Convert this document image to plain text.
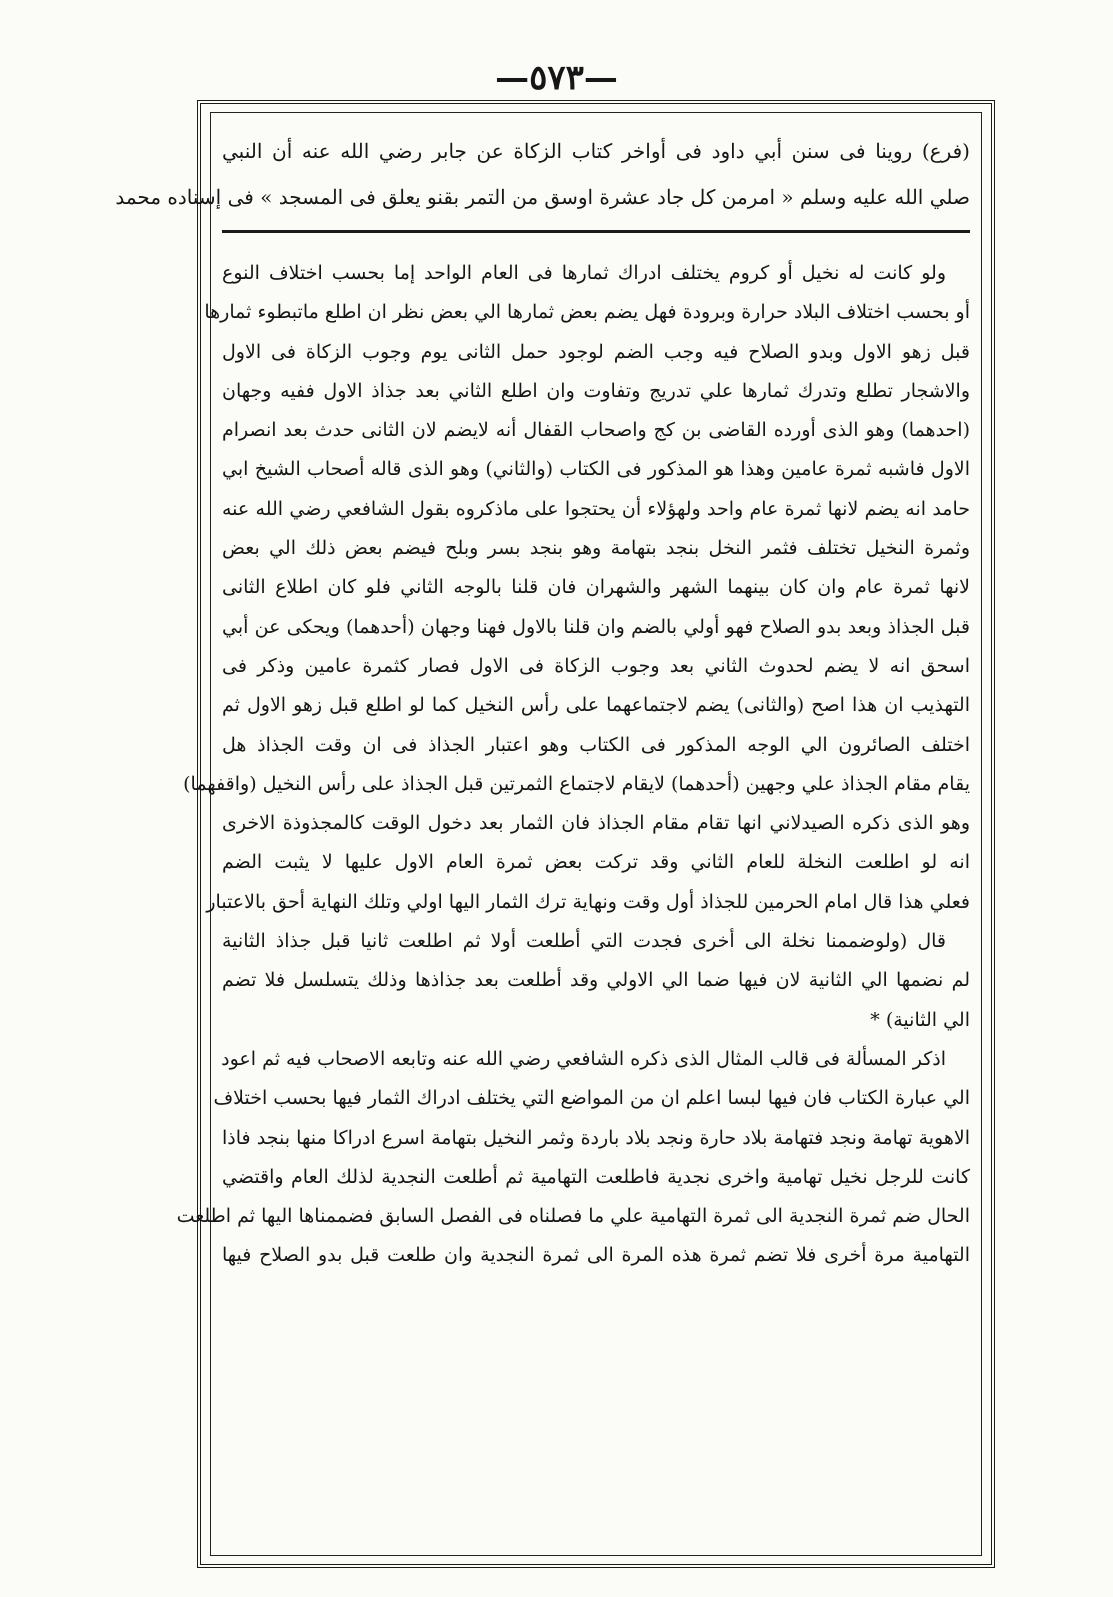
—٥٧٣—
(فرع) روينا فى سنن أبي داود فى أواخر كتاب الزكاة عن جابر رضي الله عنه أن النبي
صلي الله عليه وسلم « امرمن كل جاد عشرة اوسق من التمر بقنو يعلق فى المسجد » فى إسناده محمد
ولو كانت له نخيل أو كروم يختلف ادراك ثمارها فى العام الواحد إما بحسب اختلاف النوع
أو بحسب اختلاف البلاد حرارة وبرودة فهل يضم بعض ثمارها الي بعض نظر ان اطلع ماتبطوء ثمارها
قبل زهو الاول وبدو الصلاح فيه وجب الضم لوجود حمل الثانى يوم وجوب الزكاة فى الاول
والاشجار تطلع وتدرك ثمارها علي تدريج وتفاوت وان اطلع الثاني بعد جذاذ الاول ففيه وجهان
(احدهما) وهو الذى أورده القاضى بن كج واصحاب القفال أنه لايضم لان الثانى حدث بعد انصرام
الاول فاشبه ثمرة عامين وهذا هو المذكور فى الكتاب (والثاني) وهو الذى قاله أصحاب الشيخ ابي
حامد انه يضم لانها ثمرة عام واحد ولهؤلاء أن يحتجوا على ماذكروه بقول الشافعي رضي الله عنه
وثمرة النخيل تختلف فثمر النخل بنجد بتهامة وهو بنجد بسر وبلح فيضم بعض ذلك الي بعض
لانها ثمرة عام وان كان بينهما الشهر والشهران فان قلنا بالوجه الثاني فلو كان اطلاع الثانى
قبل الجذاذ وبعد بدو الصلاح فهو أولي بالضم وان قلنا بالاول فهنا وجهان (أحدهما) ويحكى عن أبي
اسحق انه لا يضم لحدوث الثاني بعد وجوب الزكاة فى الاول فصار كثمرة عامين وذكر فى
التهذيب ان هذا اصح (والثانى) يضم لاجتماعهما على رأس النخيل كما لو اطلع قبل زهو الاول ثم
اختلف الصائرون الي الوجه المذكور فى الكتاب وهو اعتبار الجذاذ فى ان وقت الجذاذ هل
يقام مقام الجذاذ علي وجهين (أحدهما) لايقام لاجتماع الثمرتين قبل الجذاذ على رأس النخيل (واقفهما)
وهو الذى ذكره الصيدلاني انها تقام مقام الجذاذ فان الثمار بعد دخول الوقت كالمجذوذة الاخرى
انه لو اطلعت النخلة للعام الثاني وقد تركت بعض ثمرة العام الاول عليها لا يثبت الضم
فعلي هذا قال امام الحرمين للجذاذ أول وقت ونهاية ترك الثمار اليها اولي وتلك النهاية أحق بالاعتبار
قال (ولوضممنا نخلة الى أخرى فجدت التي أطلعت أولا ثم اطلعت ثانيا قبل جذاذ الثانية
لم نضمها الي الثانية لان فيها ضما الي الاولي وقد أطلعت بعد جذاذها وذلك يتسلسل فلا تضم
الي الثانية) *
اذكر المسألة فى قالب المثال الذى ذكره الشافعي رضي الله عنه وتابعه الاصحاب فيه ثم اعود
الي عبارة الكتاب فان فيها لبسا اعلم ان من المواضع التي يختلف ادراك الثمار فيها بحسب اختلاف
الاهوية تهامة ونجد فتهامة بلاد حارة ونجد بلاد باردة وثمر النخيل بتهامة اسرع ادراكا منها بنجد فاذا
كانت للرجل نخيل تهامية واخرى نجدية فاطلعت التهامية ثم أطلعت النجدية لذلك العام واقتضي
الحال ضم ثمرة النجدية الى ثمرة التهامية علي ما فصلناه فى الفصل السابق فضممناها اليها ثم اطلعت
التهامية مرة أخرى فلا تضم ثمرة هذه المرة الى ثمرة النجدية وان طلعت قبل بدو الصلاح فيها
